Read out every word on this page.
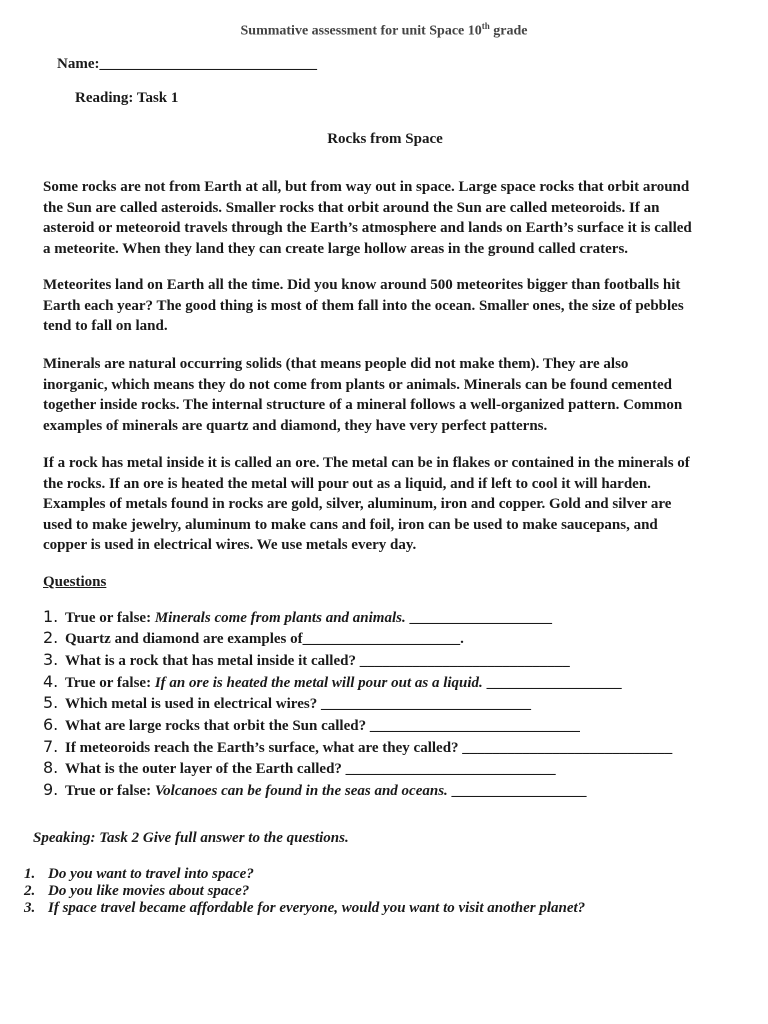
Summative assessment for unit Space 10th grade
Name:_____________________________
Reading: Task 1
Rocks from Space
Some rocks are not from Earth at all, but from way out in space. Large space rocks that orbit around
the Sun are called asteroids. Smaller rocks that orbit around the Sun are called meteoroids. If an
asteroid or meteoroid travels through the Earth’s atmosphere and lands on Earth’s surface it is called
a meteorite. When they land they can create large hollow areas in the ground called craters.
Meteorites land on Earth all the time. Did you know around 500 meteorites bigger than footballs hit
Earth each year? The good thing is most of them fall into the ocean. Smaller ones, the size of pebbles
tend to fall on land.
Minerals are natural occurring solids (that means people did not make them). They are also
inorganic, which means they do not come from plants or animals. Minerals can be found cemented
together inside rocks. The internal structure of a mineral follows a well-organized pattern. Common
examples of minerals are quartz and diamond, they have very perfect patterns.
If a rock has metal inside it is called an ore. The metal can be in flakes or contained in the minerals of
the rocks. If an ore is heated the metal will pour out as a liquid, and if left to cool it will harden.
Examples of metals found in rocks are gold, silver, aluminum, iron and copper. Gold and silver are
used to make jewelry, aluminum to make cans and foil, iron can be used to make saucepans, and
copper is used in electrical wires. We use metals every day.
Questions
1. True or false: Minerals come from plants and animals. ___________________
2. Quartz and diamond are examples of_____________________.
3. What is a rock that has metal inside it called? ____________________________
4. True or false: If an ore is heated the metal will pour out as a liquid. __________________
5. Which metal is used in electrical wires? ____________________________
6. What are large rocks that orbit the Sun called? ____________________________
7. If meteoroids reach the Earth’s surface, what are they called? ____________________________
8. What is the outer layer of the Earth called? ____________________________
9. True or false: Volcanoes can be found in the seas and oceans. __________________
Speaking: Task 2 Give full answer to the questions.
1. Do you want to travel into space?
2. Do you like movies about space?
3. If space travel became affordable for everyone, would you want to visit another planet?
